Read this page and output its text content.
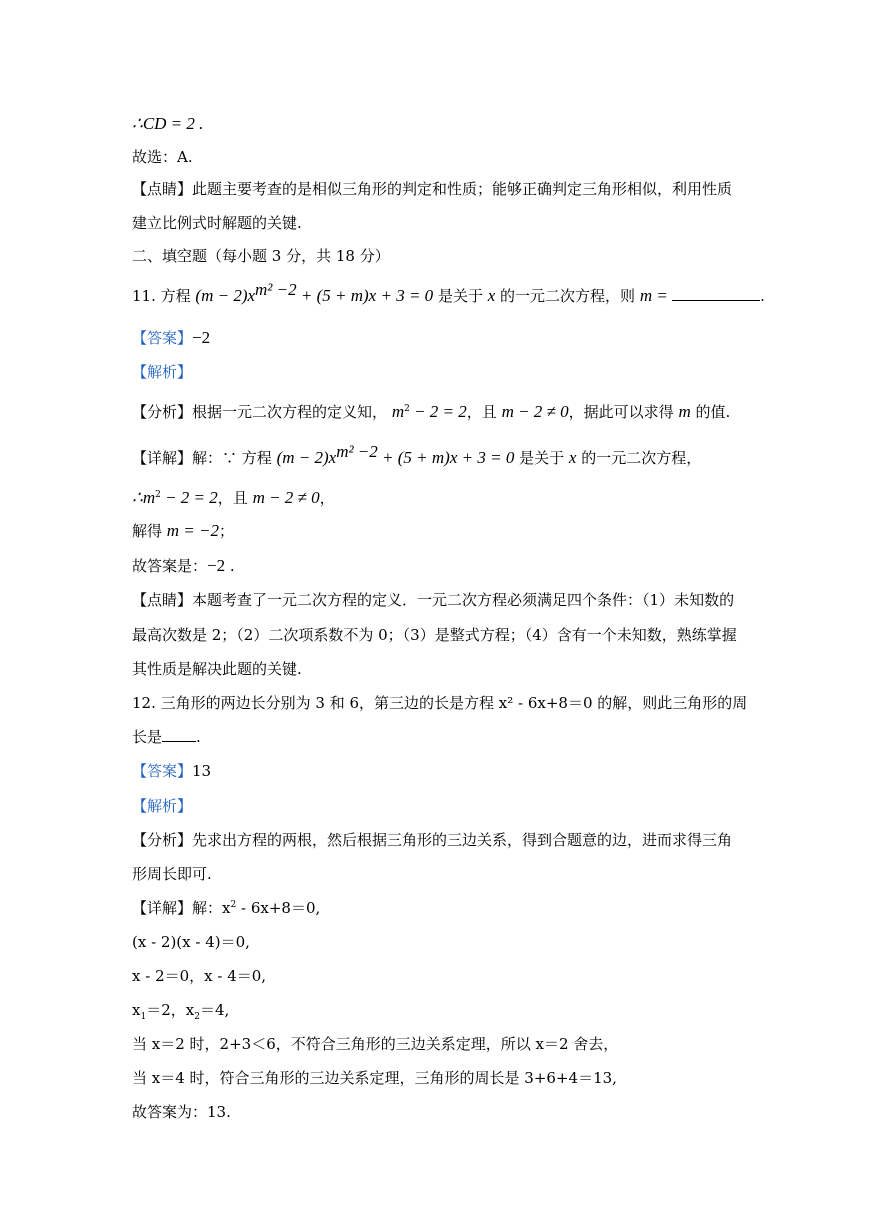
∴CD = 2 .
故选：A.
【点睛】此题主要考查的是相似三角形的判定和性质；能够正确判定三角形相似，利用性质
建立比例式时解题的关键.
二、填空题（每小题 3 分，共 18 分）
11. 方程 $(m - 2)x^{m^2 -2} + (5 + m)x + 3 = 0$ 是关于 x 的一元二次方程，则 m =	.
【答案】−2
【解析】
【分析】根据一元二次方程的定义知， $m^2 - 2 = 2$，且 m − 2 ≠ 0，据此可以求得 m 的值.
【详解】解：∵ 方程 $(m - 2)x^{m^2 -2} + (5 + m)x + 3 = 0$ 是关于 x 的一元二次方程，
$\therefore m^2 - 2 = 2$，且 m − 2 ≠ 0，
解得 m = −2；
故答案是：−2 .
【点睛】本题考查了一元二次方程的定义．一元二次方程必须满足四个条件：（1）未知数的
最高次数是 2；（2）二次项系数不为 0；（3）是整式方程；（4）含有一个未知数，熟练掌握
其性质是解决此题的关键.
12. 三角形的两边长分别为 3 和 6，第三边的长是方程 x² - 6x+8＝0 的解，则此三角形的周
长是 .
【答案】13
【解析】
【分析】先求出方程的两根，然后根据三角形的三边关系，得到合题意的边，进而求得三角
形周长即可.
【详解】解：$x^2 - 6x+8=0$,
(x - 2)(x - 4)＝0,
x - 2＝0，x - 4＝0,
$x_1=2$，$x_2=4$,
当 x＝2 时，2+3＜6，不符合三角形的三边关系定理，所以 x＝2 舍去，
当 x＝4 时，符合三角形的三边关系定理，三角形的周长是 3+6+4＝13,
故答案为：13.
